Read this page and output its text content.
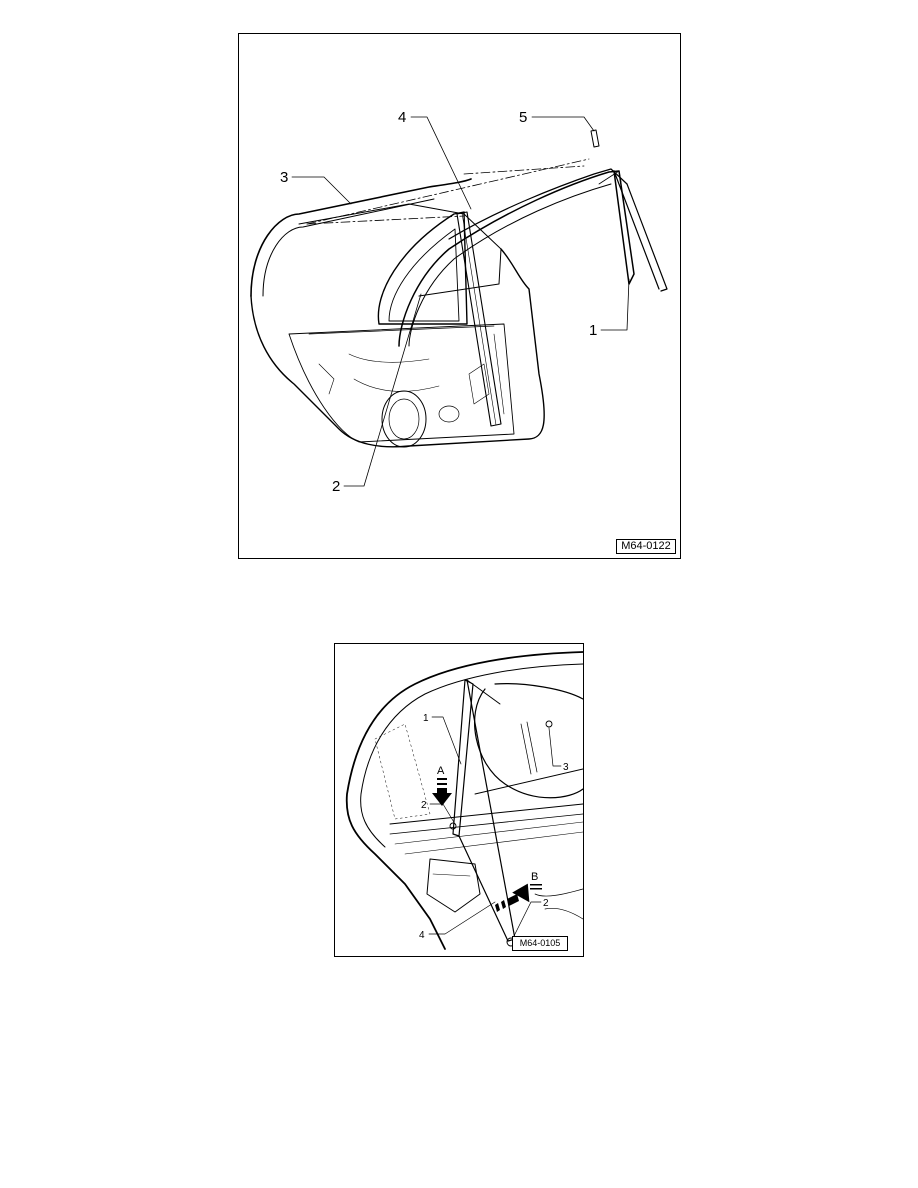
1
2
3
4	5
M64-0122
1
2
3
4
2
A
B
M64-0105
